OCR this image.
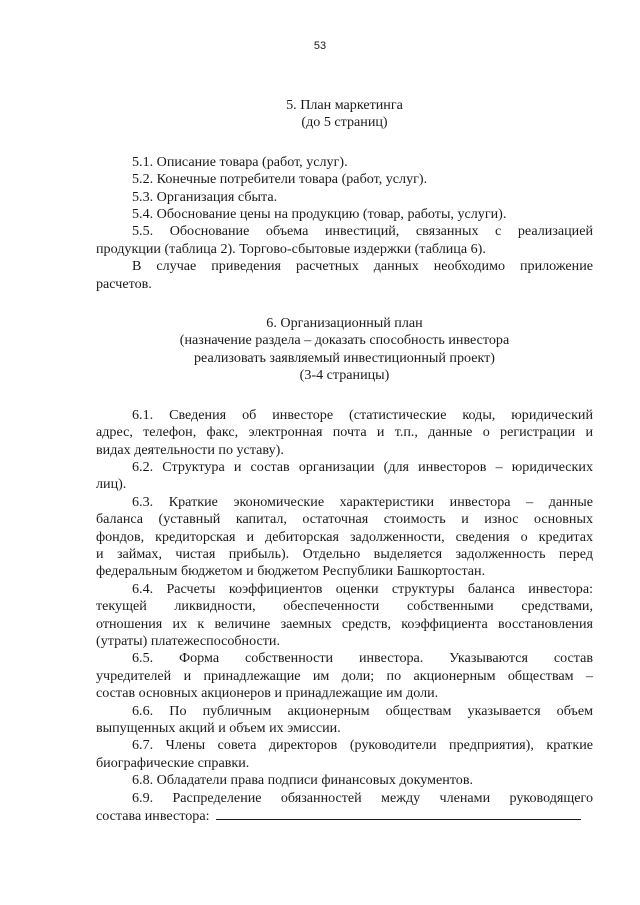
53
5. План маркетинга
(до 5 страниц)
5.1. Описание товара (работ, услуг).
5.2. Конечные потребители товара (работ, услуг).
5.3. Организация сбыта.
5.4. Обоснование цены на продукцию (товар, работы, услуги).
5.5. Обоснование объема инвестиций, связанных с реализацией
продукции (таблица 2). Торгово-сбытовые издержки (таблица 6).
В случае приведения расчетных данных необходимо приложение
расчетов.
6. Организационный план
(назначение раздела – доказать способность инвестора
реализовать заявляемый инвестиционный проект)
(3-4 страницы)
6.1. Сведения об инвесторе (статистические коды, юридический
адрес, телефон, факс, электронная почта и т.п., данные о регистрации и
видах деятельности по уставу).
6.2. Структура и состав организации (для инвесторов – юридических
лиц).
6.3. Краткие экономические характеристики инвестора – данные
баланса (уставный капитал, остаточная стоимость и износ основных
фондов, кредиторская и дебиторская задолженности, сведения о кредитах
и займах, чистая прибыль). Отдельно выделяется задолженность перед
федеральным бюджетом и бюджетом Республики Башкортостан.
6.4. Расчеты коэффициентов оценки структуры баланса инвестора:
текущей ликвидности, обеспеченности собственными средствами,
отношения их к величине заемных средств, коэффициента восстановления
(утраты) платежеспособности.
6.5. Форма собственности инвестора. Указываются состав
учредителей и принадлежащие им доли; по акционерным обществам –
состав основных акционеров и принадлежащие им доли.
6.6. По публичным акционерным обществам указывается объем
выпущенных акций и объем их эмиссии.
6.7. Члены совета директоров (руководители предприятия), краткие
биографические справки.
6.8. Обладатели права подписи финансовых документов.
6.9. Распределение обязанностей между членами руководящего
состава инвестора:
